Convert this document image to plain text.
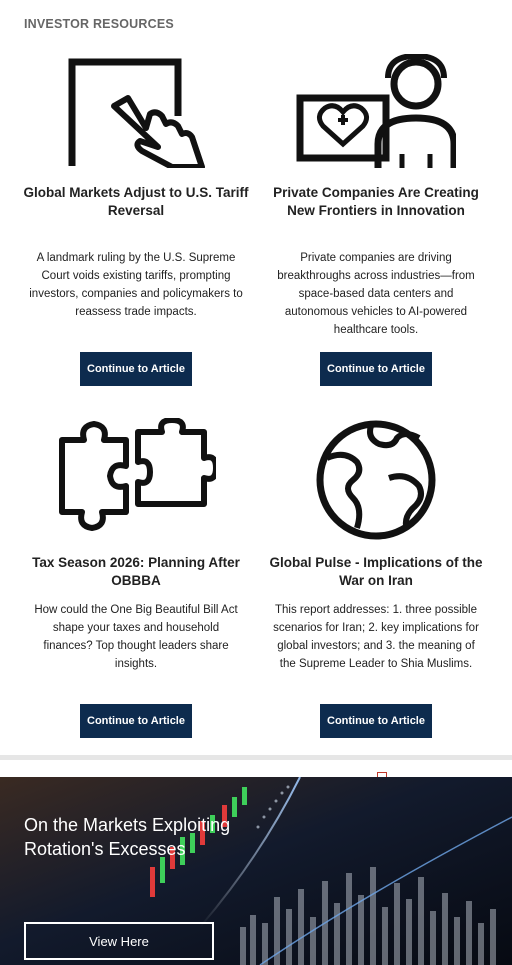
INVESTOR RESOURCES
Global Markets Adjust to U.S. Tariff Reversal

A landmark ruling by the U.S. Supreme Court voids existing tariffs, prompting investors, companies and policymakers to reassess trade impacts.

Continue to Article
Private Companies Are Creating New Frontiers in Innovation

Private companies are driving breakthroughs across industries—from space-based data centers and autonomous vehicles to AI-powered healthcare tools.

Continue to Article
Tax Season 2026: Planning After OBBBA

How could the One Big Beautiful Bill Act shape your taxes and household finances? Top thought leaders share insights.

Continue to Article
Global Pulse - Implications of the War on Iran

This report addresses: 1. three possible scenarios for Iran; 2. key implications for global investors; and 3. the meaning of the Supreme Leader to Shia Muslims.

Continue to Article
On the Markets Exploiting Rotation's Excesses
View Here
